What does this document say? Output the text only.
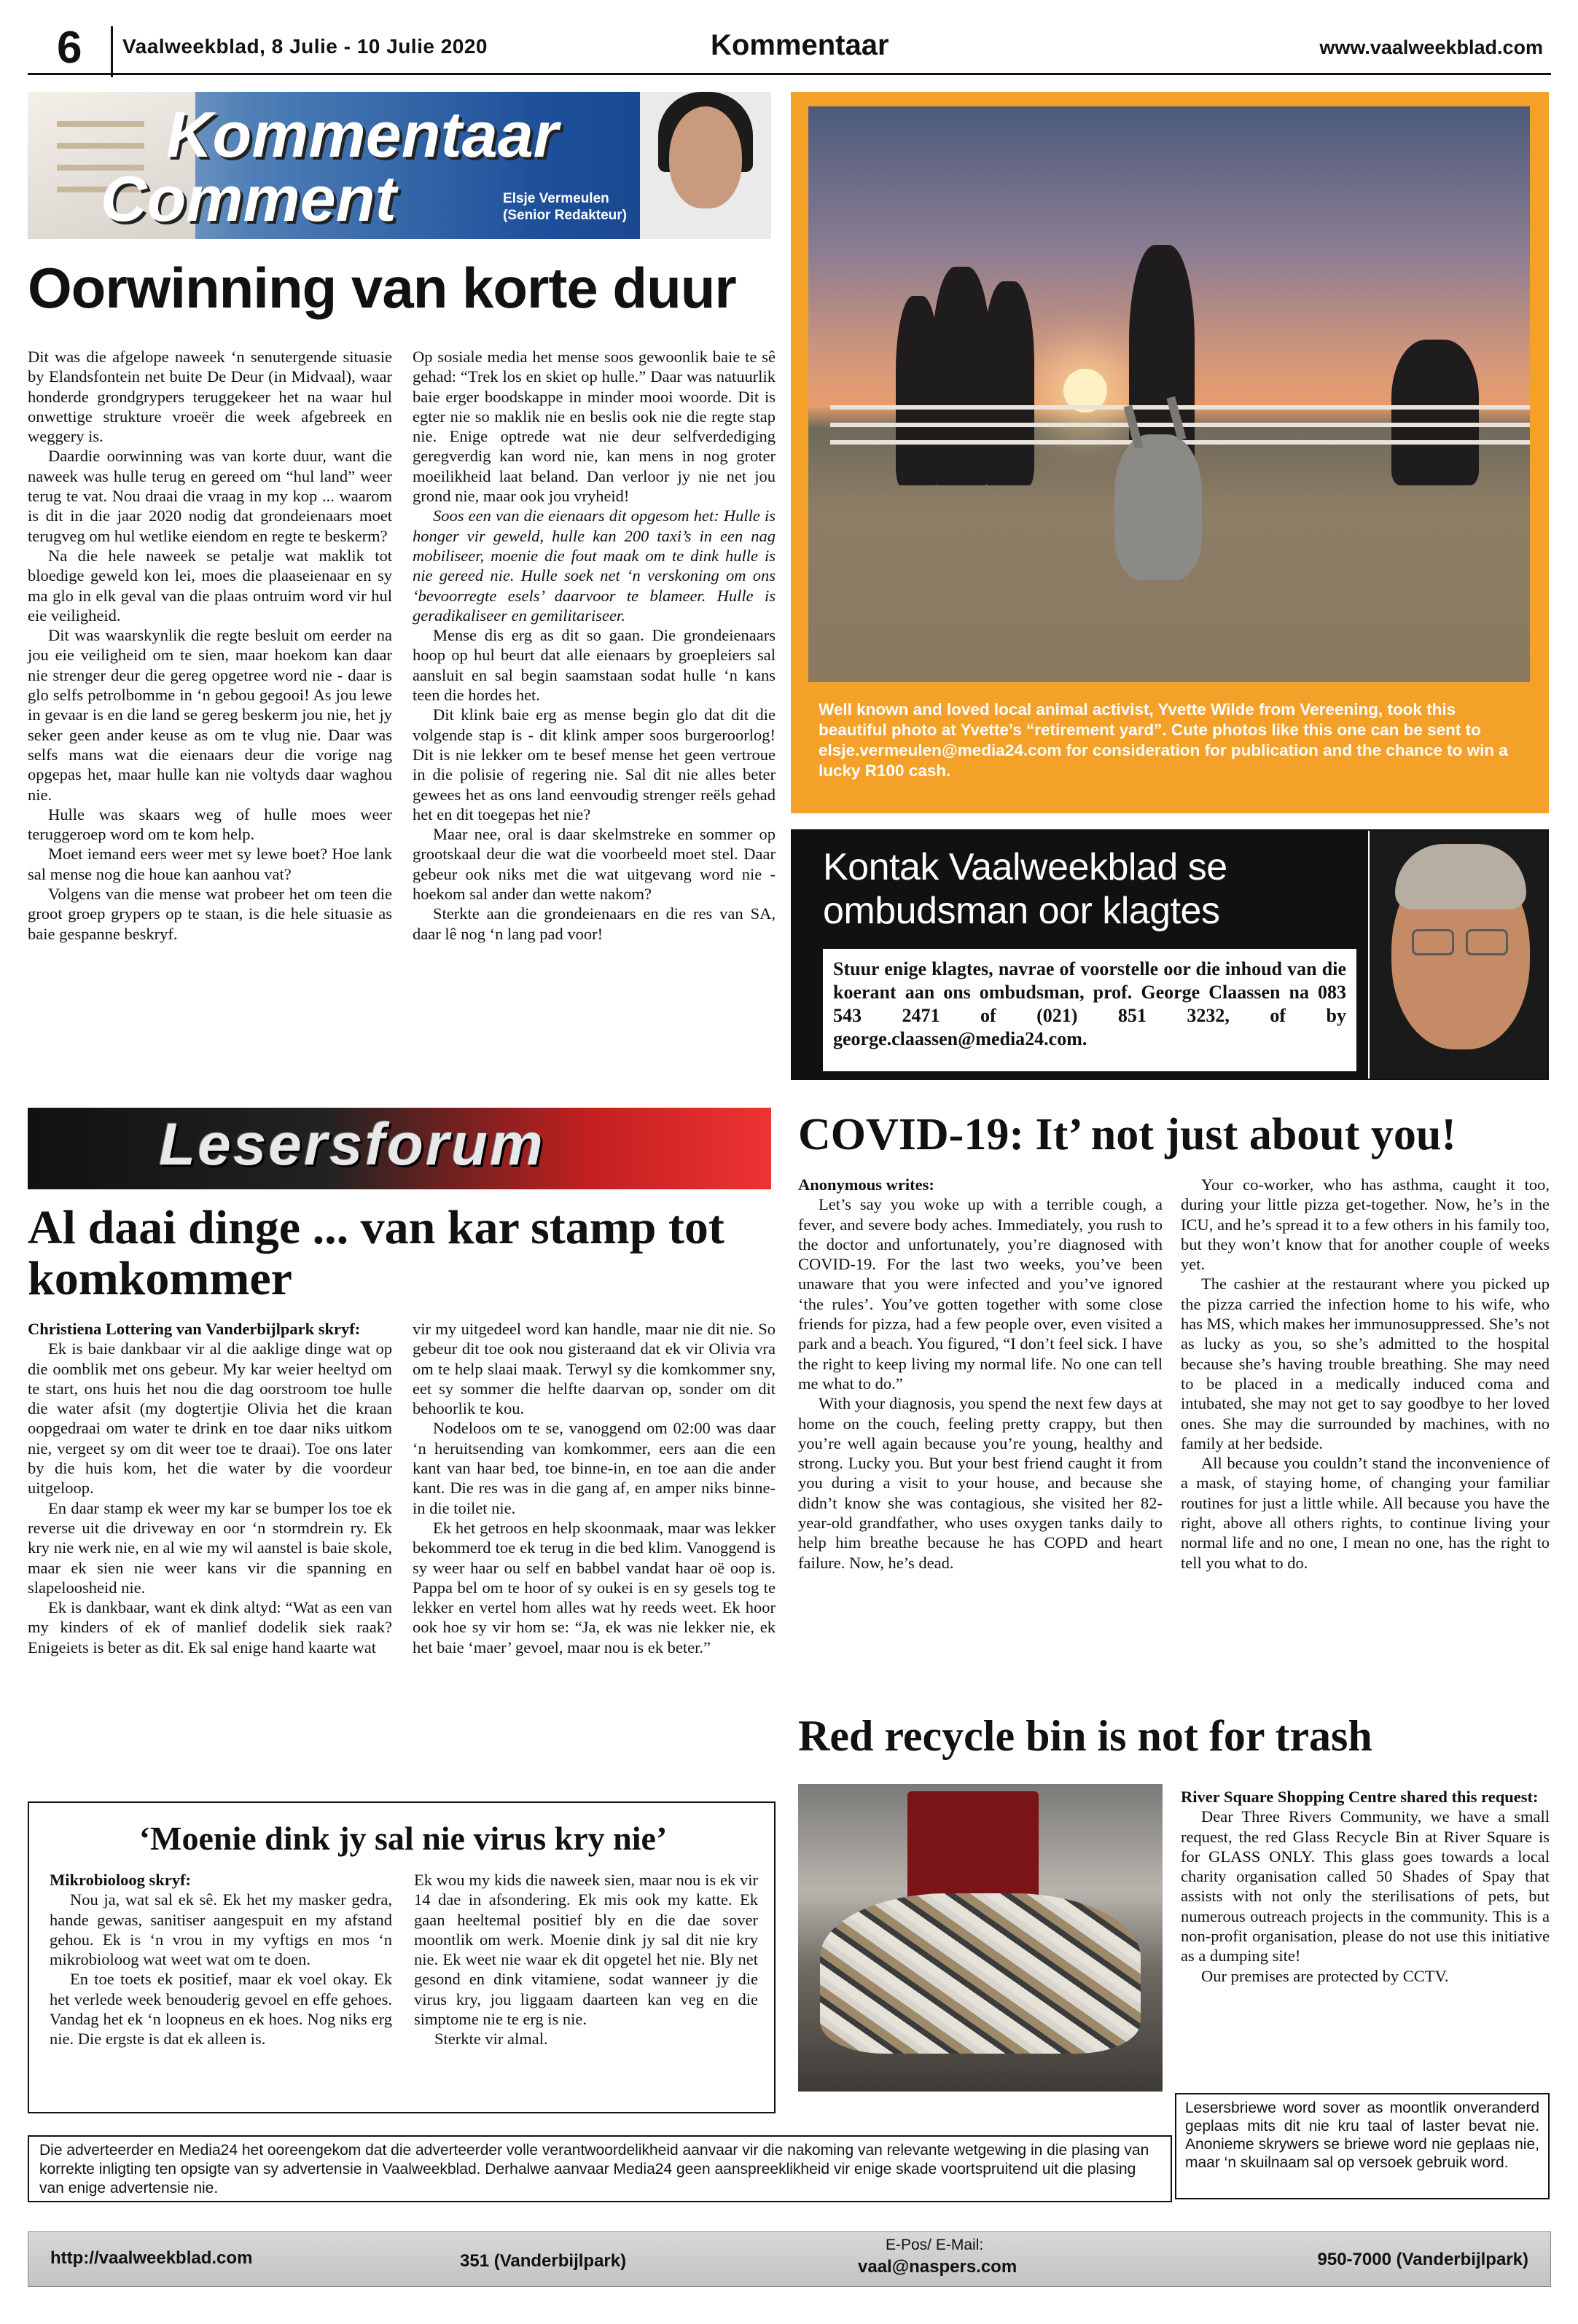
6 Vaalweekblad, 8 Julie - 10 Julie 2020	Kommentaar	www.vaalweekblad.com
Kommentaar
Comment	Elsje Vermeulen
(Senior Redakteur)
Oorwinning van korte duur

Dit was die afgelope naweek ‘n senutergende situasie by Elandsfontein net buite De Deur (in Midvaal), waar honderde grondgrypers teruggekeer het na waar hul onwettige strukture vroeër die week afgebreek en weggery is.

Daardie oorwinning was van korte duur, want die naweek was hulle terug en gereed om “hul land” weer terug te vat. Nou draai die vraag in my kop ... waarom is dit in die jaar 2020 nodig dat grondeienaars moet terugveg om hul wetlike eiendom en regte te beskerm?

Na die hele naweek se petalje wat maklik tot bloedige geweld kon lei, moes die plaaseienaar en sy ma glo in elk geval van die plaas ontruim word vir hul eie veiligheid.

Dit was waarskynlik die regte besluit om eerder na jou eie veiligheid om te sien, maar hoekom kan daar nie strenger deur die gereg opgetree word nie - daar is glo selfs petrolbomme in ‘n gebou gegooi! As jou lewe in gevaar is en die land se gereg beskerm jou nie, het jy seker geen ander keuse as om te vlug nie. Daar was selfs mans wat die eienaars deur die vorige nag opgepas het, maar hulle kan nie voltyds daar waghou nie.

Hulle was skaars weg of hulle moes weer teruggeroep word om te kom help.

Moet iemand eers weer met sy lewe boet? Hoe lank sal mense nog die houe kan aanhou vat?

Volgens van die mense wat probeer het om teen die groot groep grypers op te staan, is die hele situasie as baie gespanne beskryf.

Op sosiale media het mense soos gewoonlik baie te sê gehad: “Trek los en skiet op hulle.” Daar was natuurlik baie erger boodskappe in minder mooi woorde. Dit is egter nie so maklik nie en beslis ook nie die regte stap nie. Enige optrede wat nie deur selfverdediging geregverdig kan word nie, kan mens in nog groter moeilikheid laat beland. Dan verloor jy nie net jou grond nie, maar ook jou vryheid!

Soos een van die eienaars dit opgesom het: Hulle is honger vir geweld, hulle kan 200 taxi’s in een nag mobiliseer, moenie die fout maak om te dink hulle is nie gereed nie. Hulle soek net ‘n verskoning om ons ‘bevoorregte esels’ daarvoor te blameer. Hulle is geradikaliseer en gemilitariseer.

Mense dis erg as dit so gaan. Die grondeienaars hoop op hul beurt dat alle eienaars by groepleiers sal aansluit en sal begin saamstaan sodat hulle ‘n kans teen die hordes het.

Dit klink baie erg as mense begin glo dat dit die volgende stap is - dit klink amper soos burgeroorlog! Dit is nie lekker om te besef mense het geen vertroue in die polisie of regering nie. Sal dit nie alles beter gewees het as ons land eenvoudig strenger reëls gehad het en dit toegepas het nie?

Maar nee, oral is daar skelmstreke en sommer op grootskaal deur die wat die voorbeeld moet stel. Daar gebeur ook niks met die wat uitgevang word nie - hoekom sal ander dan wette nakom?

Sterkte aan die grondeienaars en die res van SA, daar lê nog ‘n lang pad voor!

Well known and loved local animal activist, Yvette Wilde from Vereening, took this beautiful photo at Yvette’s “retirement yard”. Cute photos like this one can be sent to elsje.vermeulen@media24.com for consideration for publication and the chance to win a lucky R100 cash.
Kontak Vaalweekblad se ombudsman oor klagtes
Stuur enige klagtes, navrae of voorstelle oor die inhoud van die koerant aan ons ombudsman, prof. George Claassen na 083 543 2471 of (021) 851 3232, of by george.claassen@media24.com.
Lesersforum
Al daai dinge ... van kar stamp tot komkommer

Christiena Lottering van Vanderbijlpark skryf:

Ek is baie dankbaar vir al die aaklige dinge wat op die oomblik met ons gebeur. My kar weier heeltyd om te start, ons huis het nou die dag oorstroom toe hulle die water afsit (my dogtertjie Olivia het die kraan oopgedraai om water te drink en toe daar niks uitkom nie, vergeet sy om dit weer toe te draai). Toe ons later by die huis kom, het die water by die voordeur uitgeloop.

En daar stamp ek weer my kar se bumper los toe ek reverse uit die driveway en oor ‘n stormdrein ry. Ek kry nie werk nie, en al wie my wil aanstel is baie skole, maar ek sien nie weer kans vir die spanning en slapeloosheid nie.

Ek is dankbaar, want ek dink altyd: “Wat as een van my kinders of ek of manlief dodelik siek raak? Enigeiets is beter as dit. Ek sal enige hand kaarte wat

vir my uitgedeel word kan handle, maar nie dit nie. So gebeur dit toe ook nou gisteraand dat ek vir Olivia vra om te help slaai maak. Terwyl sy die komkommer sny, eet sy sommer die helfte daarvan op, sonder om dit behoorlik te kou.

Nodeloos om te se, vanoggend om 02:00 was daar ‘n heruitsending van komkommer, eers aan die een kant van haar bed, toe binne-in, en toe aan die ander kant. Die res was in die gang af, en amper niks binne-in die toilet nie.

Ek het getroos en help skoonmaak, maar was lekker bekommerd toe ek terug in die bed klim. Vanoggend is sy weer haar ou self en babbel vandat haar oë oop is. Pappa bel om te hoor of sy oukei is en sy gesels tog te lekker en vertel hom alles wat hy reeds weet. Ek hoor ook hoe sy vir hom se: “Ja, ek was nie lekker nie, ek het baie ‘maer’ gevoel, maar nou is ek beter.”

COVID-19: It’ not just about you!

Anonymous writes:

Let’s say you woke up with a terrible cough, a fever, and severe body aches. Immediately, you rush to the doctor and unfortunately, you’re diagnosed with COVID-19. For the last two weeks, you’ve been unaware that you were infected and you’ve ignored ‘the rules’. You’ve gotten together with some close friends for pizza, had a few people over, even visited a park and a beach. You figured, “I don’t feel sick. I have the right to keep living my normal life. No one can tell me what to do.”

With your diagnosis, you spend the next few days at home on the couch, feeling pretty crappy, but then you’re well again because you’re young, healthy and strong. Lucky you. But your best friend caught it from you during a visit to your house, and because she didn’t know she was contagious, she visited her 82-year-old grandfather, who uses oxygen tanks daily to help him breathe because he has COPD and heart failure. Now, he’s dead.

Your co-worker, who has asthma, caught it too, during your little pizza get-together. Now, he’s in the ICU, and he’s spread it to a few others in his family too, but they won’t know that for another couple of weeks yet.

The cashier at the restaurant where you picked up the pizza carried the infection home to his wife, who has MS, which makes her immunosuppressed. She’s not as lucky as you, so she’s admitted to the hospital because she’s having trouble breathing. She may need to be placed in a medically induced coma and intubated, she may not get to say goodbye to her loved ones. She may die surrounded by machines, with no family at her bedside.

All because you couldn’t stand the inconvenience of a mask, of staying home, of changing your familiar routines for just a little while. All because you have the right, above all others rights, to continue living your normal life and no one, I mean no one, has the right to tell you what to do.

Red recycle bin is not for trash

River Square Shopping Centre shared this request:

Dear Three Rivers Community, we have a small request, the red Glass Recycle Bin at River Square is for GLASS ONLY. This glass goes towards a local charity organisation called 50 Shades of Spay that assists with not only the sterilisations of pets, but numerous outreach projects in the community. This is a non-profit organisation, please do not use this initiative as a dumping site!

Our premises are protected by CCTV.

‘Moenie dink jy sal nie virus kry nie’

Mikrobioloog skryf:

Nou ja, wat sal ek sê. Ek het my masker gedra, hande gewas, sanitiser aangespuit en my afstand gehou. Ek is ‘n vrou in my vyftigs en mos ‘n mikrobioloog wat weet wat om te doen.

En toe toets ek positief, maar ek voel okay. Ek het verlede week benouderig gevoel en effe gehoes. Vandag het ek ‘n loopneus en ek hoes. Nog niks erg nie. Die ergste is dat ek alleen is.

Ek wou my kids die naweek sien, maar nou is ek vir 14 dae in afsondering. Ek mis ook my katte. Ek gaan heeltemal positief bly en die dae sover moontlik om werk. Moenie dink jy sal dit nie kry nie. Ek weet nie waar ek dit opgetel het nie. Bly net gesond en dink vitamiene, sodat wanneer jy die virus kry, jou liggaam daarteen kan veg en die simptome nie te erg is nie.

Sterkte vir almal.

Lesersbriewe word sover as moontlik onveranderd geplaas mits dit nie kru taal of laster bevat nie. Anonieme skrywers se briewe word nie geplaas nie, maar ‘n skuilnaam sal op versoek gebruik word.
Die adverteerder en Media24 het ooreengekom dat die adverteerder volle verantwoordelikheid aanvaar vir die nakoming van relevante wetgewing in die plasing van korrekte inligting ten opsigte van sy advertensie in Vaalweekblad. Derhalwe aanvaar Media24 geen aanspreeklikheid vir enige skade voortspruitend uit die plasing van enige advertensie nie.
http://vaalweekblad.com	351 (Vanderbijlpark)
E-Pos/ E-Mail:
vaal@naspers.com	950-7000 (Vanderbijlpark)
